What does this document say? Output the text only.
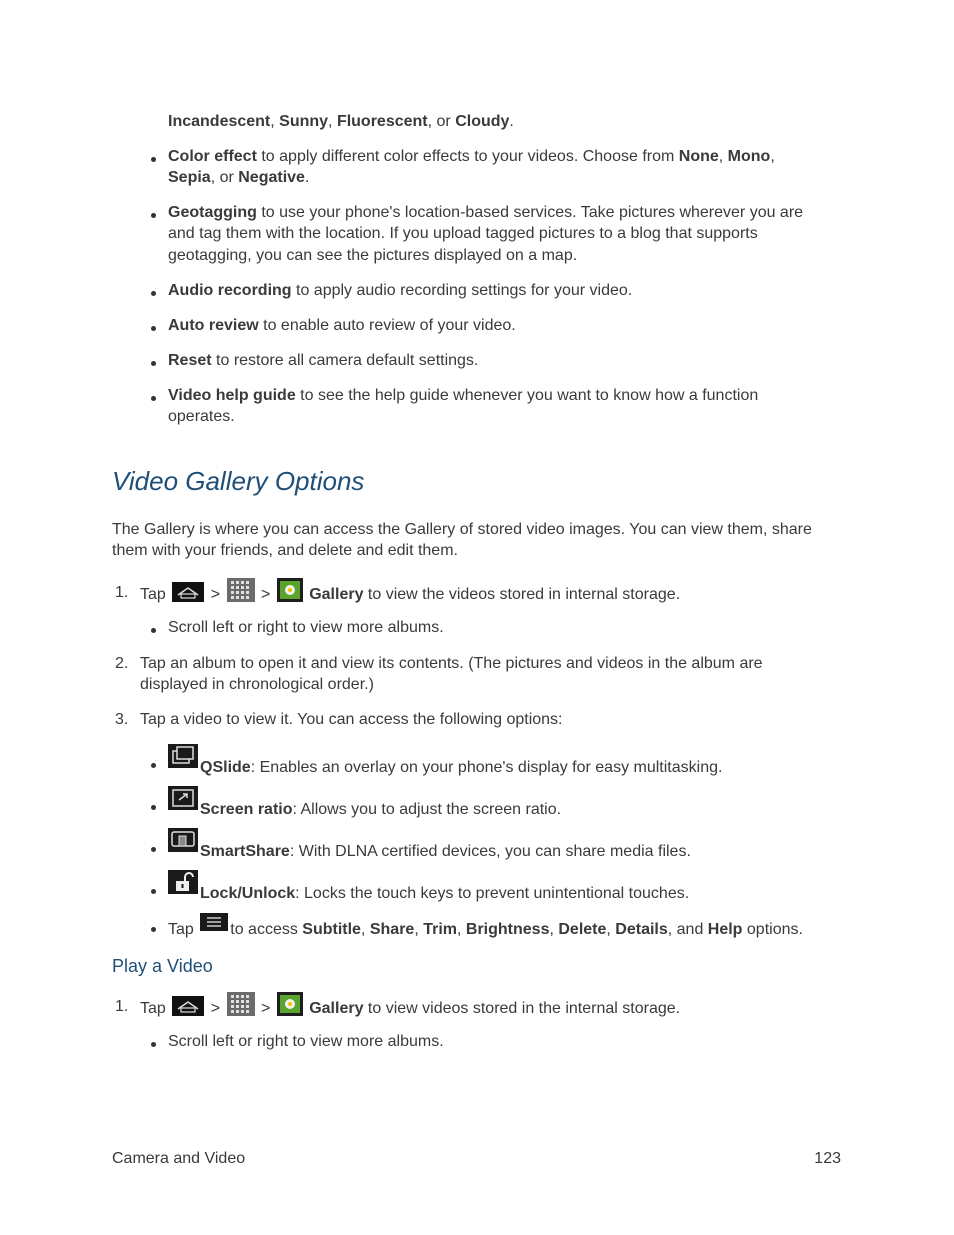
Incandescent, Sunny, Fluorescent, or Cloudy.
Color effect to apply different color effects to your videos. Choose from None, Mono,
Sepia, or Negative.
Geotagging to use your phone's location-based services. Take pictures wherever you are
and tag them with the location. If you upload tagged pictures to a blog that supports
geotagging, you can see the pictures displayed on a map.
Audio recording to apply audio recording settings for your video.
Auto review to enable auto review of your video.
Reset to restore all camera default settings.
Video help guide to see the help guide whenever you want to know how a function
operates.
Video Gallery Options
The Gallery is where you can access the Gallery of stored video images. You can view them, share
them with your friends, and delete and edit them.
1. Tap	>	> Gallery to view the videos stored in internal storage.
Scroll left or right to view more albums.
2. Tap an album to open it and view its contents. (The pictures and videos in the album are
displayed in chronological order.)
3. Tap a video to view it. You can access the following options:
QSlide: Enables an overlay on your phone's display for easy multitasking.
Screen ratio: Allows you to adjust the screen ratio.
SmartShare: With DLNA certified devices, you can share media files.
Lock/Unlock: Locks the touch keys to prevent unintentional touches.
Tap to access Subtitle, Share, Trim, Brightness, Delete, Details, and Help options.
Play a Video
1. Tap	>	> Gallery to view videos stored in the internal storage.
Scroll left or right to view more albums.
Camera and Video	123
